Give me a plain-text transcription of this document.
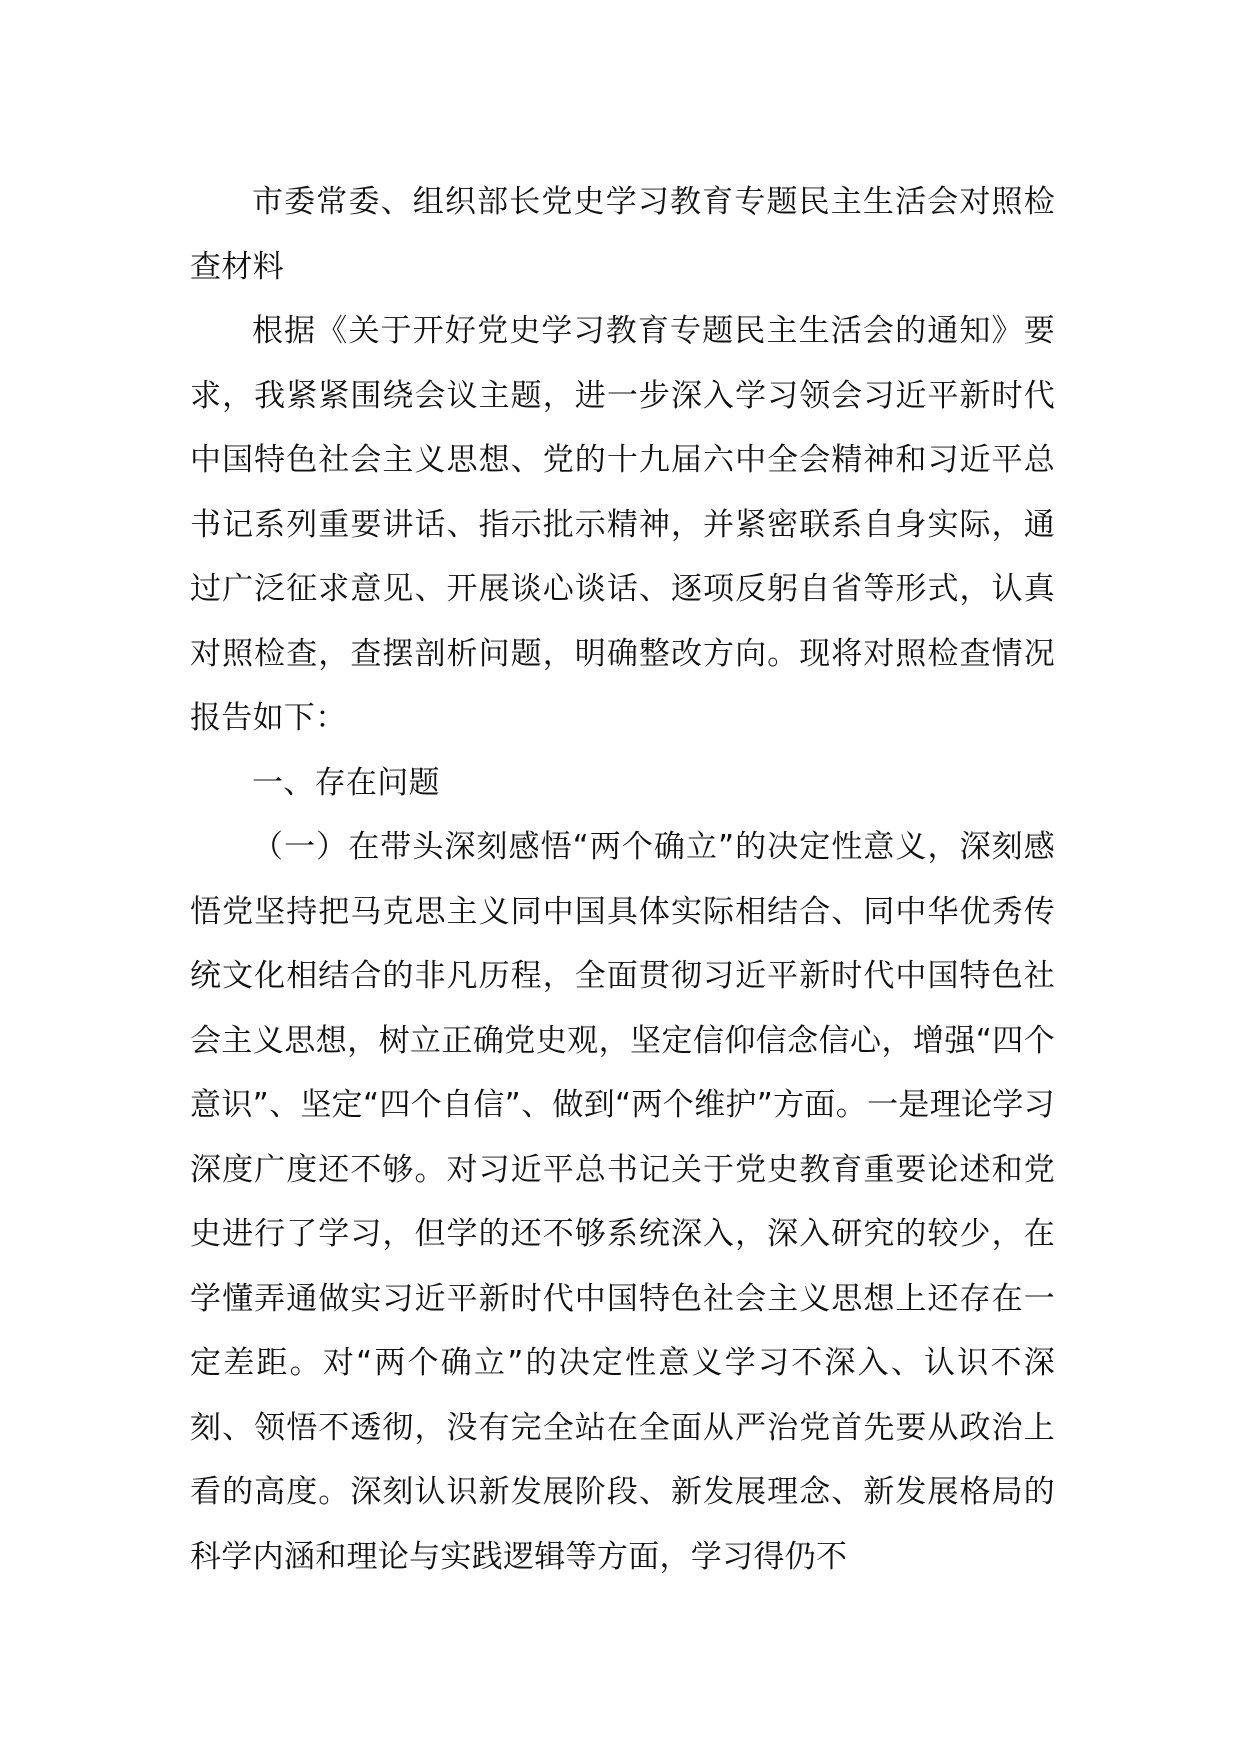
市委常委、组织部长党史学习教育专题民主生活会对照检查材料

根据《关于开好党史学习教育专题民主生活会的通知》要求，我紧紧围绕会议主题，进一步深入学习领会习近平新时代中国特色社会主义思想、党的十九届六中全会精神和习近平总书记系列重要讲话、指示批示精神，并紧密联系自身实际，通过广泛征求意见、开展谈心谈话、逐项反躬自省等形式，认真对照检查，查摆剖析问题，明确整改方向。现将对照检查情况报告如下：

一、存在问题

（一）在带头深刻感悟“两个确立”的决定性意义，深刻感悟党坚持把马克思主义同中国具体实际相结合、同中华优秀传统文化相结合的非凡历程，全面贯彻习近平新时代中国特色社会主义思想，树立正确党史观，坚定信仰信念信心，增强“四个意识”、坚定“四个自信”、做到“两个维护”方面。一是理论学习深度广度还不够。对习近平总书记关于党史教育重要论述和党史进行了学习，但学的还不够系统深入，深入研究的较少，在学懂弄通做实习近平新时代中国特色社会主义思想上还存在一定差距。对“两个确立”的决定性意义学习不深入、认识不深刻、领悟不透彻，没有完全站在全面从严治党首先要从政治上看的高度。深刻认识新发展阶段、新发展理念、新发展格局的科学内涵和理论与实践逻辑等方面，学习得仍不
